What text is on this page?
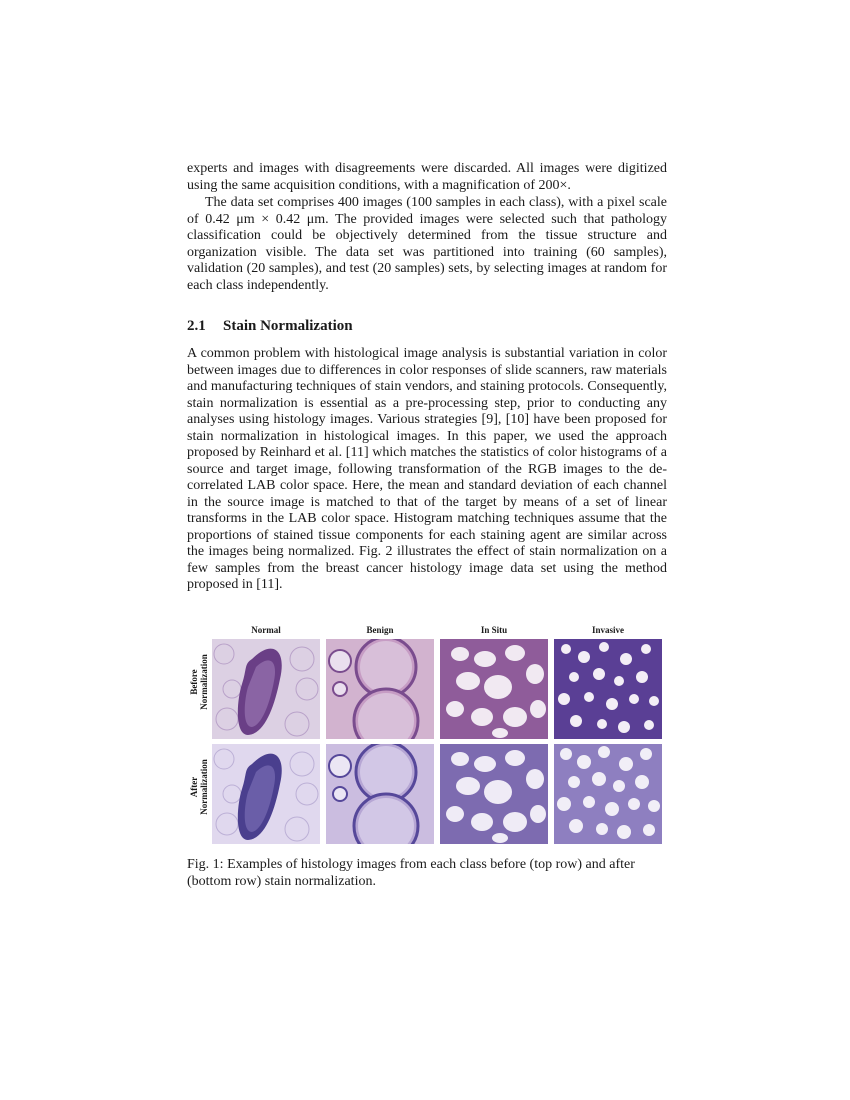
experts and images with disagreements were discarded. All images were digitized using the same acquisition conditions, with a magnification of 200×.

The data set comprises 400 images (100 samples in each class), with a pixel scale of 0.42 μm × 0.42 μm. The provided images were selected such that pathology classification could be objectively determined from the tissue structure and organization visible. The data set was partitioned into training (60 samples), validation (20 samples), and test (20 samples) sets, by selecting images at random for each class independently.

2.1 Stain Normalization

A common problem with histological image analysis is substantial variation in color between images due to differences in color responses of slide scanners, raw materials and manufacturing techniques of stain vendors, and staining protocols. Consequently, stain normalization is essential as a pre-processing step, prior to conducting any analyses using histology images. Various strategies [9], [10] have been proposed for stain normalization in histological images. In this paper, we used the approach proposed by Reinhard et al. [11] which matches the statistics of color histograms of a source and target image, following transformation of the RGB images to the de-correlated LAB color space. Here, the mean and standard deviation of each channel in the source image is matched to that of the target by means of a set of linear transforms in the LAB color space. Histogram matching techniques assume that the proportions of stained tissue components for each staining agent are similar across the images being normalized. Fig. 2 illustrates the effect of stain normalization on a few samples from the breast cancer histology image data set using the method proposed in [11].

Normal	Benign	In Situ	Invasive
Before Normalization
After Normalization

Fig. 1: Examples of histology images from each class before (top row) and after (bottom row) stain normalization.
